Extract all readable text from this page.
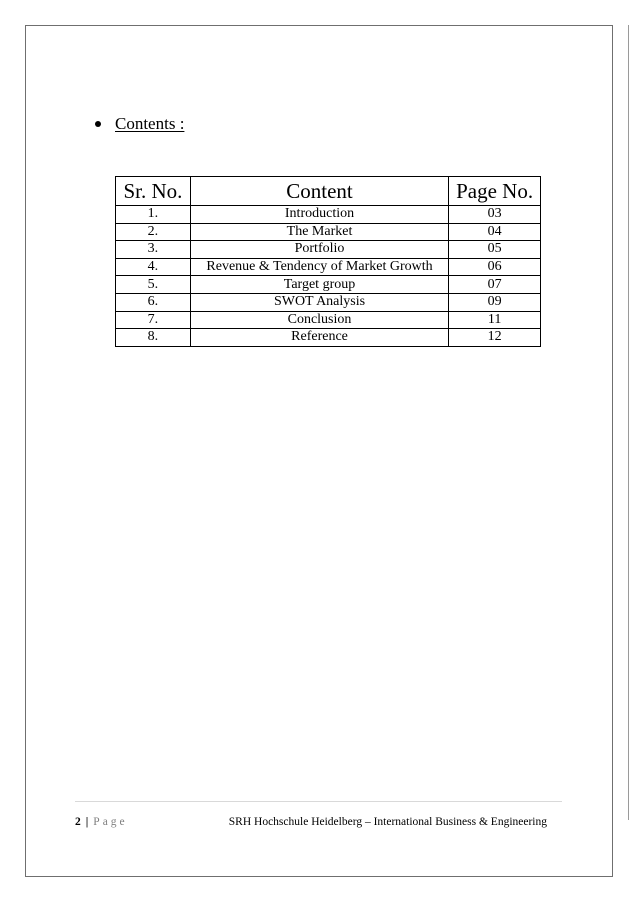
Contents :
Sr. No.	Content	Page No.
1.	Introduction	03
2.	The Market	04
3.	Portfolio	05
4.	Revenue & Tendency of Market Growth	06
5.	Target group	07
6.	SWOT Analysis	09
7.	Conclusion	11
8.	Reference	12
2 | Page	SRH Hochschule Heidelberg – International Business & Engineering
